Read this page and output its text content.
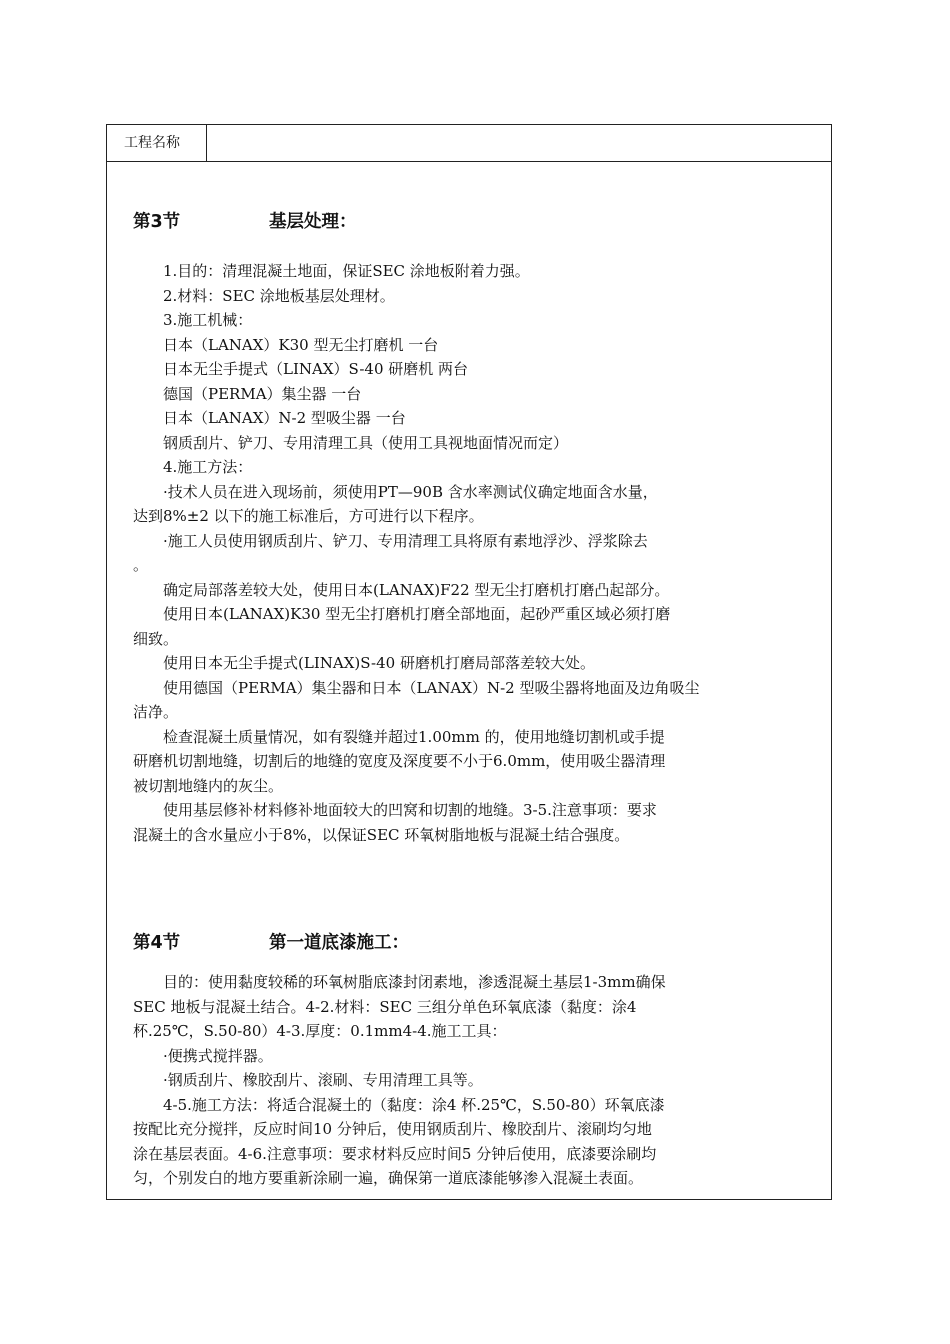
工程名称
第3节	基层处理：
　　1.目的：清理混凝土地面，保证SEC 涂地板附着力强。
　　2.材料：SEC 涂地板基层处理材。
　　3.施工机械：
　　日本（LANAX）K30 型无尘打磨机 一台
　　日本无尘手提式（LINAX）S-40 研磨机 两台
　　德国（PERMA）集尘器 一台
　　日本（LANAX）N-2 型吸尘器 一台
　　钢质刮片、铲刀、专用清理工具（使用工具视地面情况而定）
　　4.施工方法：
　　·技术人员在进入现场前，须使用PT—90B 含水率测试仪确定地面含水量，
达到8%±2 以下的施工标准后，方可进行以下程序。
　　·施工人员使用钢质刮片、铲刀、专用清理工具将原有素地浮沙、浮浆除去
。
　　确定局部落差较大处，使用日本(LANAX)F22 型无尘打磨机打磨凸起部分。
　　使用日本(LANAX)K30 型无尘打磨机打磨全部地面，起砂严重区域必须打磨
细致。
　　使用日本无尘手提式(LINAX)S-40 研磨机打磨局部落差较大处。
　　使用德国（PERMA）集尘器和日本（LANAX）N-2 型吸尘器将地面及边角吸尘
洁净。
　　检查混凝土质量情况，如有裂缝并超过1.00mm 的，使用地缝切割机或手提
研磨机切割地缝，切割后的地缝的宽度及深度要不小于6.0mm，使用吸尘器清理
被切割地缝内的灰尘。
　　使用基层修补材料修补地面较大的凹窝和切割的地缝。3-5.注意事项：要求
混凝土的含水量应小于8%，以保证SEC 环氧树脂地板与混凝土结合强度。
第4节	第一道底漆施工：
　　目的：使用黏度较稀的环氧树脂底漆封闭素地，渗透混凝土基层1-3mm确保
SEC 地板与混凝土结合。4-2.材料：SEC 三组分单色环氧底漆（黏度：涂4
杯.25℃，S.50-80）4-3.厚度：0.1mm4-4.施工工具：
　　·便携式搅拌器。
　　·钢质刮片、橡胶刮片、滚刷、专用清理工具等。
　　4-5.施工方法：将适合混凝土的（黏度：涂4 杯.25℃，S.50-80）环氧底漆
按配比充分搅拌，反应时间10 分钟后，使用钢质刮片、橡胶刮片、滚刷均匀地
涂在基层表面。4-6.注意事项：要求材料反应时间5 分钟后使用，底漆要涂刷均
匀，个别发白的地方要重新涂刷一遍，确保第一道底漆能够渗入混凝土表面。
